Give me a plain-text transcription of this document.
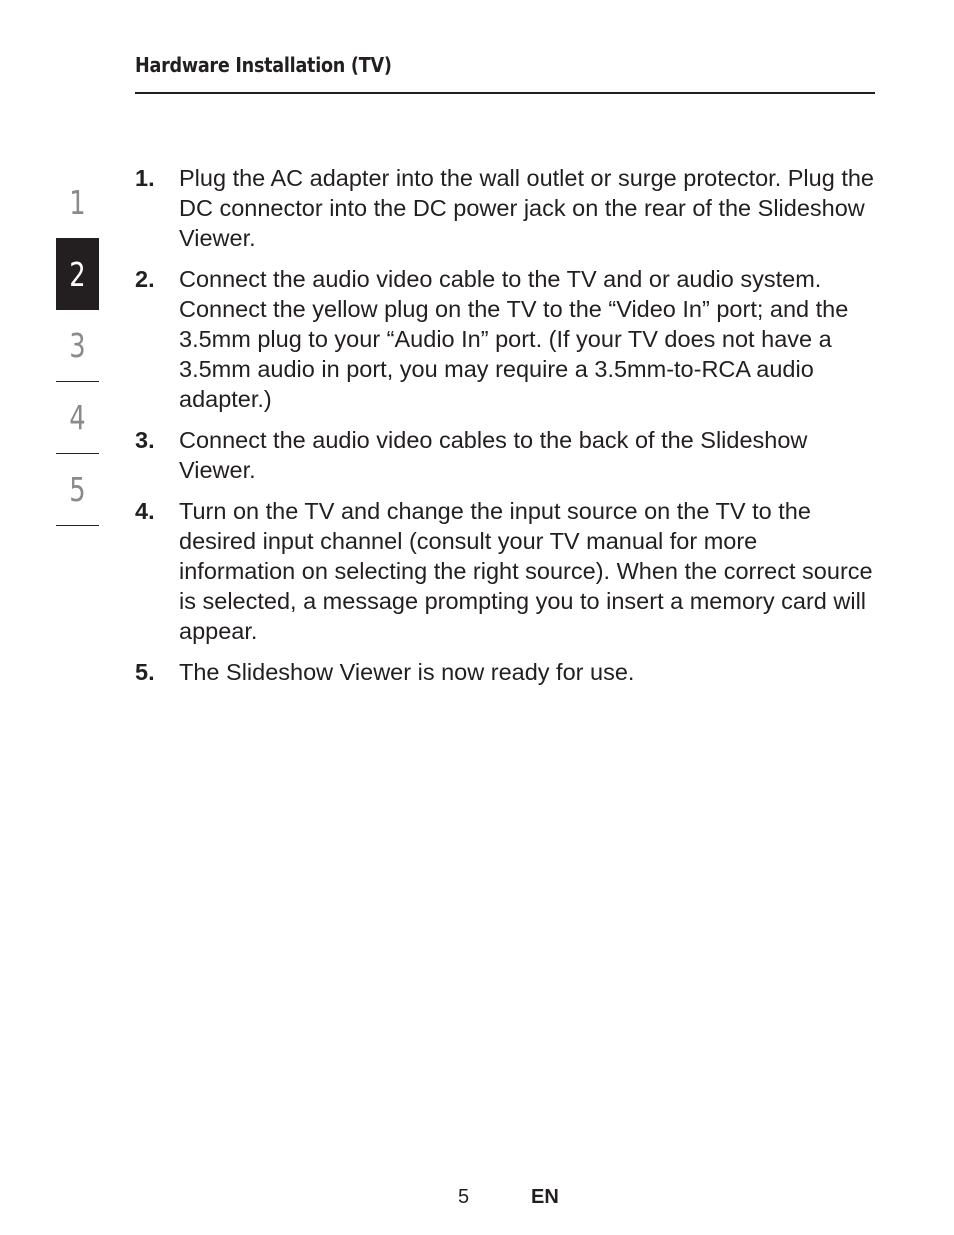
Hardware Installation (TV)
1
2
3
4
5
1. Plug the AC adapter into the wall outlet or surge protector. Plug the DC connector into the DC power jack on the rear of the Slideshow Viewer.
2. Connect the audio video cable to the TV and or audio system. Connect the yellow plug on the TV to the “Video In” port; and the 3.5mm plug to your “Audio In” port. (If your TV does not have a 3.5mm audio in port, you may require a 3.5mm-to-RCA audio adapter.)
3. Connect the audio video cables to the back of the Slideshow Viewer.
4. Turn on the TV and change the input source on the TV to the desired input channel (consult your TV manual for more information on selecting the right source). When the correct source is selected, a message prompting you to insert a memory card will appear.
5. The Slideshow Viewer is now ready for use.
5	EN
